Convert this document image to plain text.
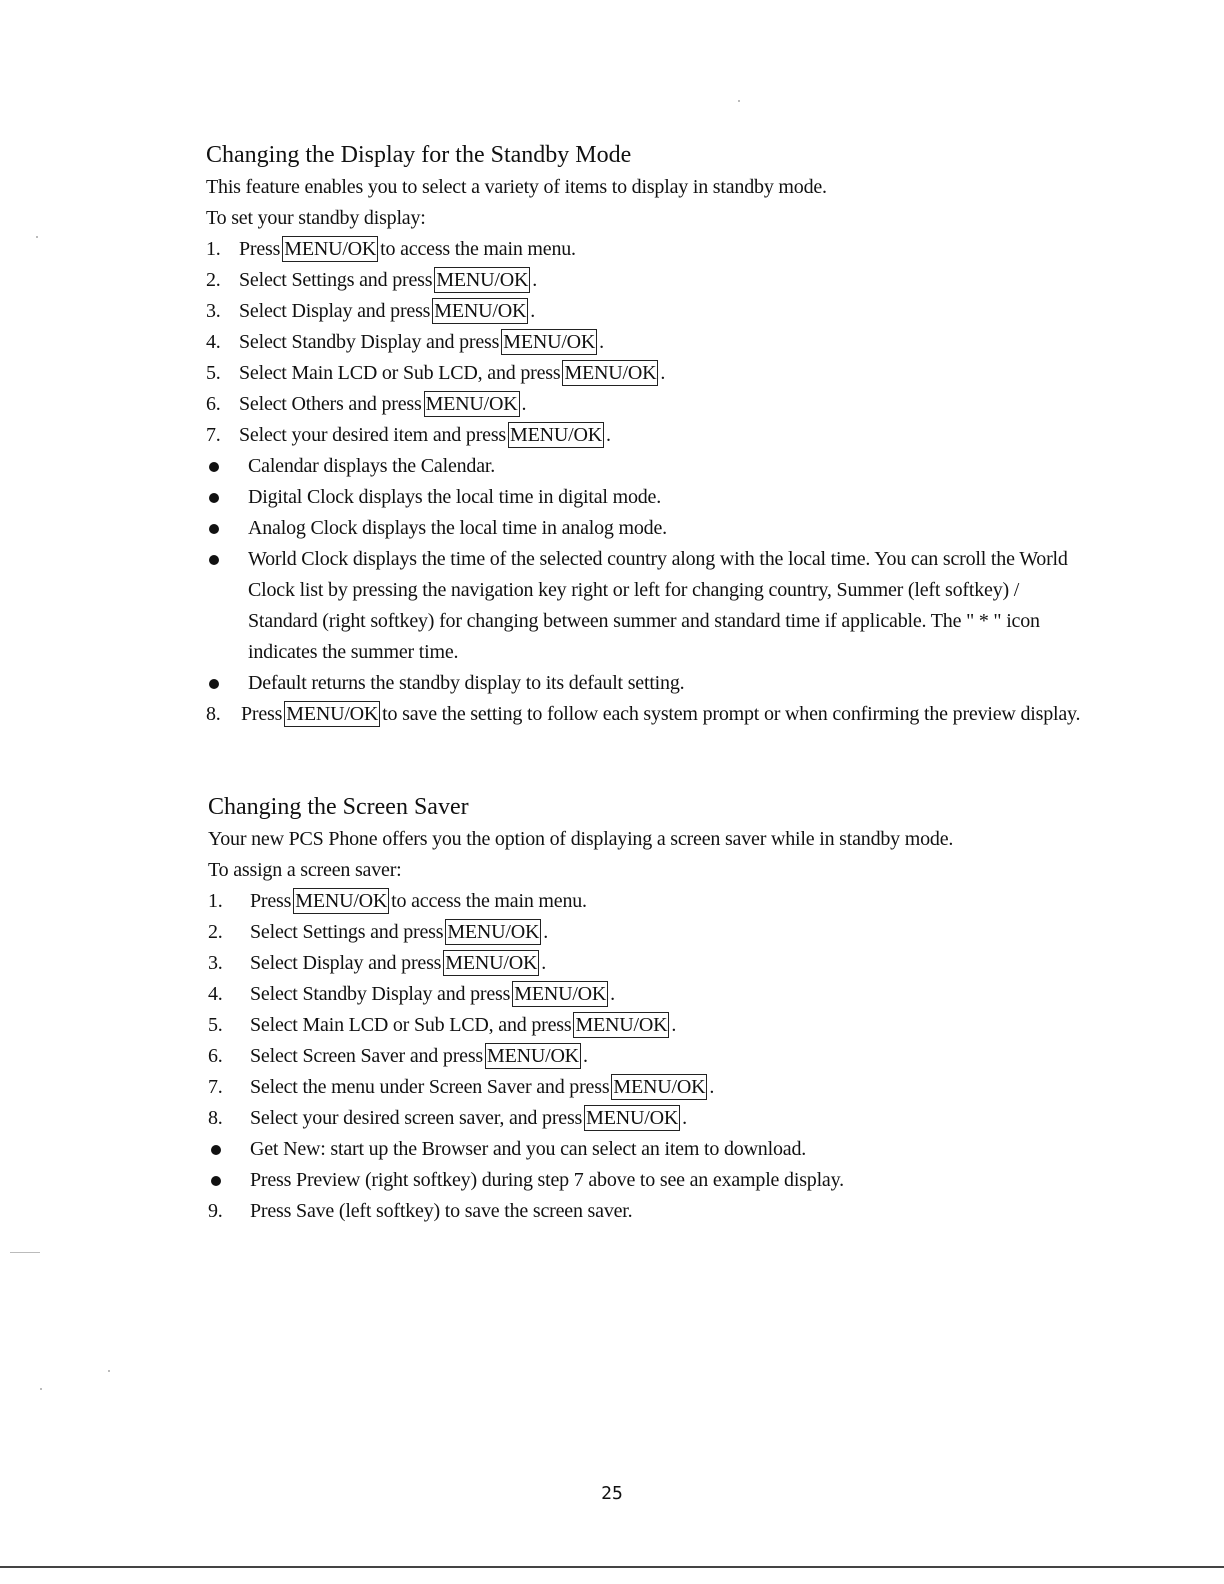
Changing the Display for the Standby Mode
This feature enables you to select a variety of items to display in standby mode.
To set your standby display:
1. Press MENU/OK to access the main menu.
2. Select Settings and press MENU/OK .
3. Select Display and press MENU/OK .
4. Select Standby Display and press MENU/OK .
5. Select Main LCD or Sub LCD, and press MENU/OK .
6. Select Others and press MENU/OK .
7. Select your desired item and press MENU/OK .
Calendar displays the Calendar.
Digital Clock displays the local time in digital mode.
Analog Clock displays the local time in analog mode.
World Clock displays the time of the selected country along with the local time. You can scroll the World Clock list by pressing the navigation key right or left for changing country, Summer (left softkey) / Standard (right softkey) for changing between summer and standard time if applicable. The " * " icon indicates the summer time.
Default returns the standby display to its default setting.
8.	Press MENU/OK to save the setting to follow each system prompt or when confirming the preview display.
Changing the Screen Saver
Your new PCS Phone offers you the option of displaying a screen saver while in standby mode.
To assign a screen saver:
1.	Press MENU/OK to access the main menu.
2.	Select Settings and press MENU/OK .
3.	Select Display and press MENU/OK .
4.	Select Standby Display and press MENU/OK .
5.	Select Main LCD or Sub LCD, and press MENU/OK .
6.	Select Screen Saver and press MENU/OK .
7.	Select the menu under Screen Saver and press MENU/OK .
8.	Select your desired screen saver, and press MENU/OK .
Get New: start up the Browser and you can select an item to download.
Press Preview (right softkey) during step 7 above to see an example display.
9.	Press Save (left softkey) to save the screen saver.
25
